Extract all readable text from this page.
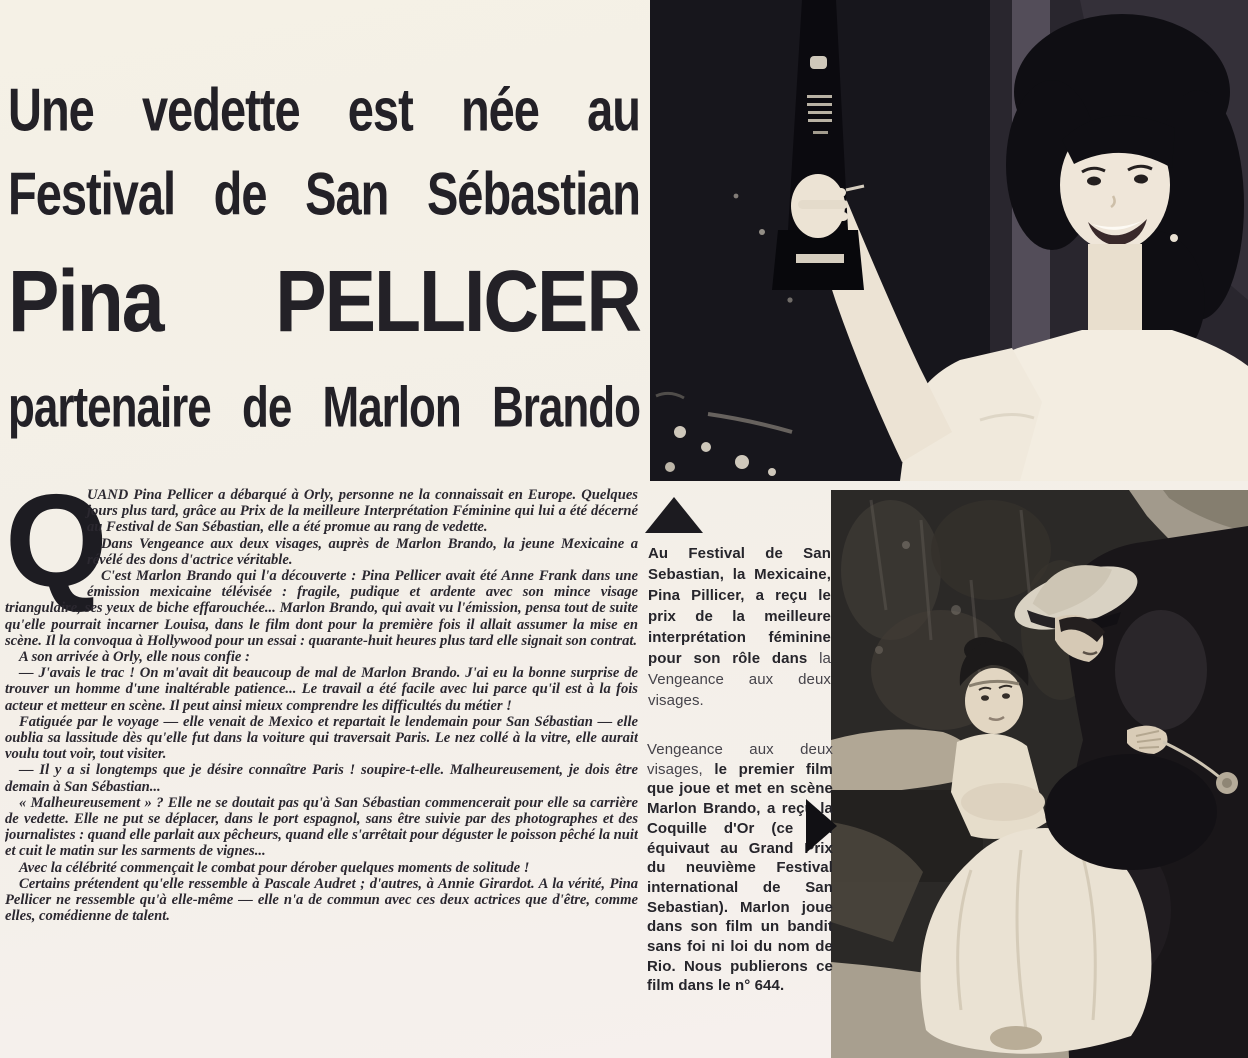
Une vedette est née au
Festival de San Sébastian
Pina PELLICER
partenaire de Marlon Brando
Au Festival de San Sebastian, la Mexicaine, Pina Pillicer, a reçu le prix de la meilleure interprétation féminine pour son rôle dans la Vengeance aux deux visages.
Vengeance aux deux visages, le premier film que joue et met en scène Marlon Brando, a reçu la Coquille d'Or (ce qui équivaut au Grand Prix du neuvième Festival international de San Sebastian). Marlon joue dans son film un bandit sans foi ni loi du nom de Rio. Nous publierons ce film dans le n° 644.
Q

UAND Pina Pellicer a débarqué à Orly, personne ne la connaissait en Europe. Quelques jours plus tard, grâce au Prix de la meilleure Interprétation Féminine qui lui a été décerné au Festival de San Sébastian, elle a été promue au rang de vedette.

Dans Vengeance aux deux visages, auprès de Marlon Brando, la jeune Mexicaine a révélé des dons d'actrice véritable.

C'est Marlon Brando qui l'a découverte : Pina Pellicer avait été Anne Frank dans une émission mexicaine télévisée : fragile, pudique et ardente avec son mince visage triangulaire, ses yeux de biche effarouchée... Marlon Brando, qui avait vu l'émission, pensa tout de suite qu'elle pourrait incarner Louisa, dans le film dont pour la première fois il allait assumer la mise en scène. Il la convoqua à Hollywood pour un essai : quarante-huit heures plus tard elle signait son contrat.

A son arrivée à Orly, elle nous confie :

— J'avais le trac ! On m'avait dit beaucoup de mal de Marlon Brando. J'ai eu la bonne surprise de trouver un homme d'une inaltérable patience... Le travail a été facile avec lui parce qu'il est à la fois acteur et metteur en scène. Il peut ainsi mieux comprendre les difficultés du métier !

Fatiguée par le voyage — elle venait de Mexico et repartait le lendemain pour San Sébastian — elle oublia sa lassitude dès qu'elle fut dans la voiture qui traversait Paris. Le nez collé à la vitre, elle aurait voulu tout voir, tout visiter.

— Il y a si longtemps que je désire connaître Paris ! soupire-t-elle. Malheureusement, je dois être demain à San Sébastian...

« Malheureusement » ? Elle ne se doutait pas qu'à San Sébastian commencerait pour elle sa carrière de vedette. Elle ne put se déplacer, dans le port espagnol, sans être suivie par des photographes et des journalistes : quand elle parlait aux pêcheurs, quand elle s'arrêtait pour déguster le poisson pêché la nuit et cuit le matin sur les sarments de vignes...

Avec la célébrité commençait le combat pour dérober quelques moments de solitude !

Certains prétendent qu'elle ressemble à Pascale Audret ; d'autres, à Annie Girardot. A la vérité, Pina Pellicer ne ressemble qu'à elle-même — elle n'a de commun avec ces deux actrices que d'être, comme elles, comédienne de talent.
